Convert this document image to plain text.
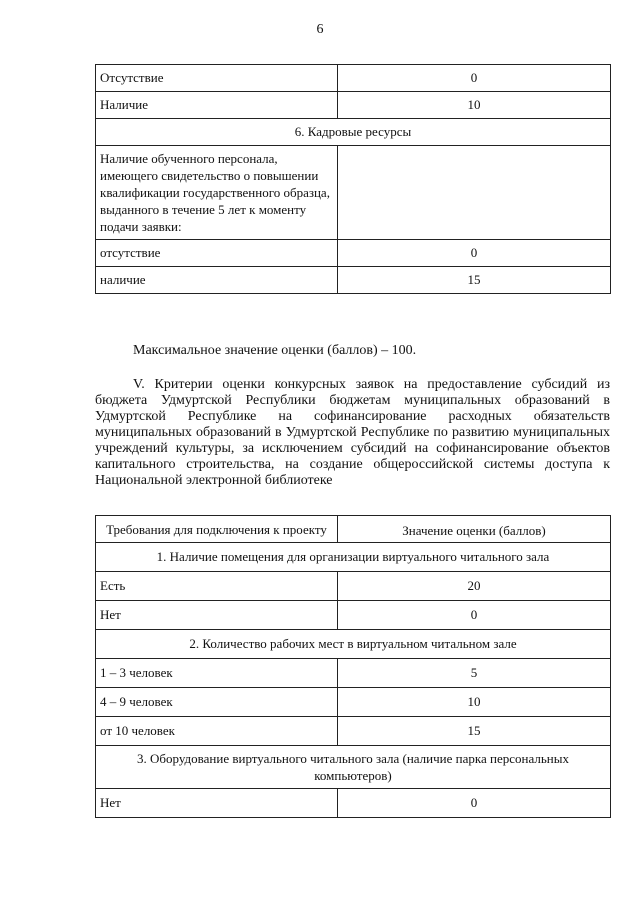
6
Отсутствие	0
Наличие	10
6. Кадровые ресурсы	
Наличие обученного персонала, имеющего свидетельство о повышении квалификации государственного образца, выданного в течение 5 лет к моменту подачи заявки:	
отсутствие	0
наличие	15
Максимальное значение оценки (баллов) – 100.
V. Критерии оценки конкурсных заявок на предоставление субсидий из бюджета Удмуртской Республики бюджетам муниципальных образований в Удмуртской Республике на софинансирование расходных обязательств муниципальных образований в Удмуртской Республике по развитию муниципальных учреждений культуры, за исключением субсидий на софинансирование объектов капитального строительства, на создание общероссийской системы доступа к Национальной электронной библиотеке
Требования для подключения к проекту	Значение оценки (баллов)
1. Наличие помещения для организации виртуального читального зала	
Есть	20
Нет	0
2. Количество рабочих мест в виртуальном читальном зале	
1 – 3 человек	5
4 – 9 человек	10
от 10 человек	15
3. Оборудование виртуального читального зала (наличие парка персональных компьютеров)	
Нет	0
